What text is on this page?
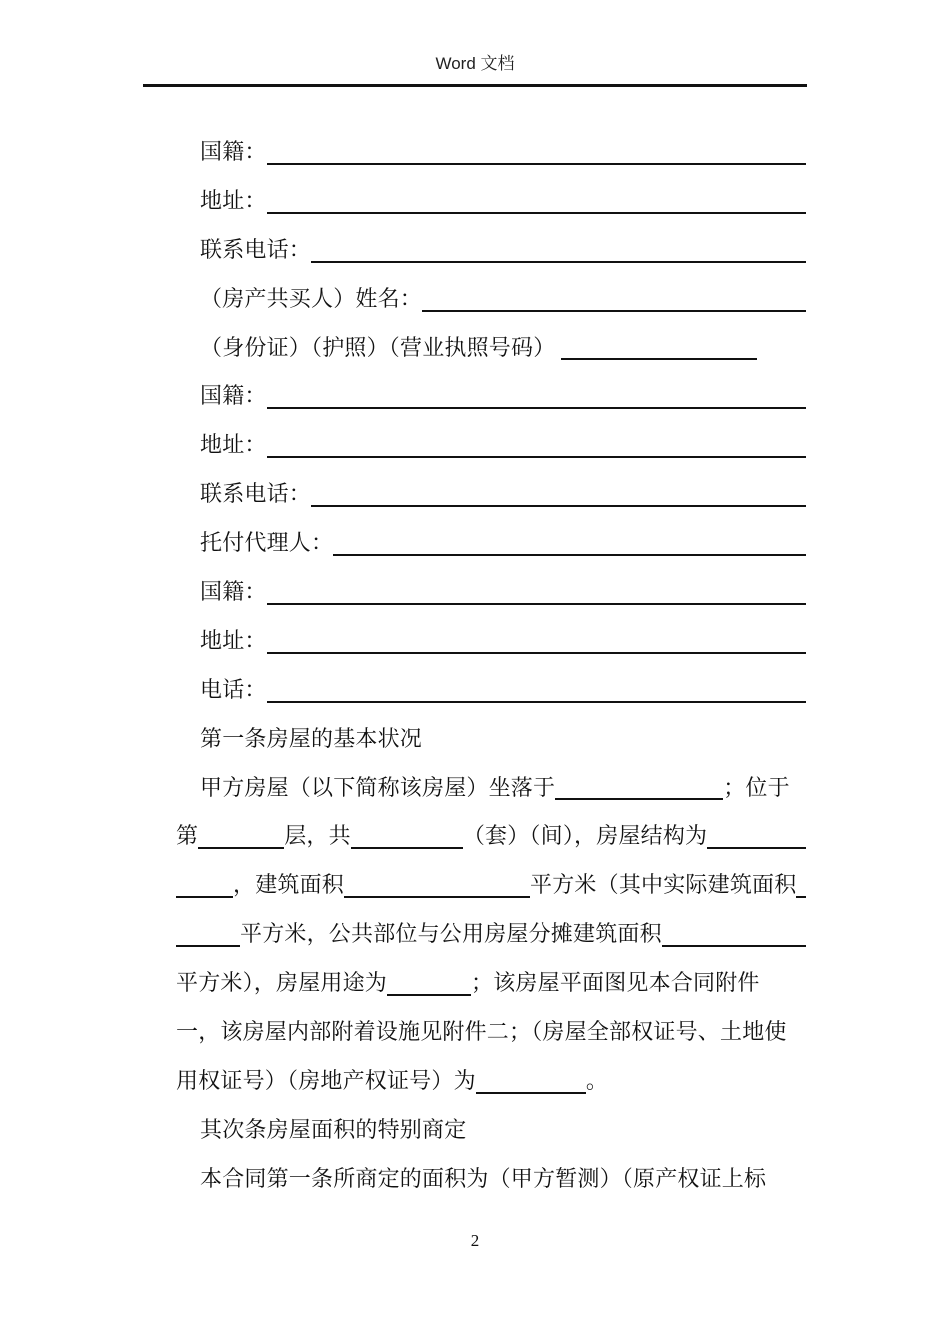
Word 文档
国籍：
地址：
联系电话：
（房产共买人）姓名：
（身份证）（护照）（营业执照号码）

国籍：
地址：
联系电话：
托付代理人：
国籍：
地址：
电话：
第一条房屋的基本状况
甲方房屋（以下简称该房屋）坐落于	；位于
第	层，共	（套）（间），房屋结构为
，建筑面积	平方米（其中实际建筑面积
平方米，公共部位与公用房屋分摊建筑面积
平方米），房屋用途为	；该房屋平面图见本合同附件
一，该房屋内部附着设施见附件二；（房屋全部权证号、土地使
用权证号）（房地产权证号）为	。
其次条房屋面积的特别商定
本合同第一条所商定的面积为（甲方暂测）（原产权证上标
2
